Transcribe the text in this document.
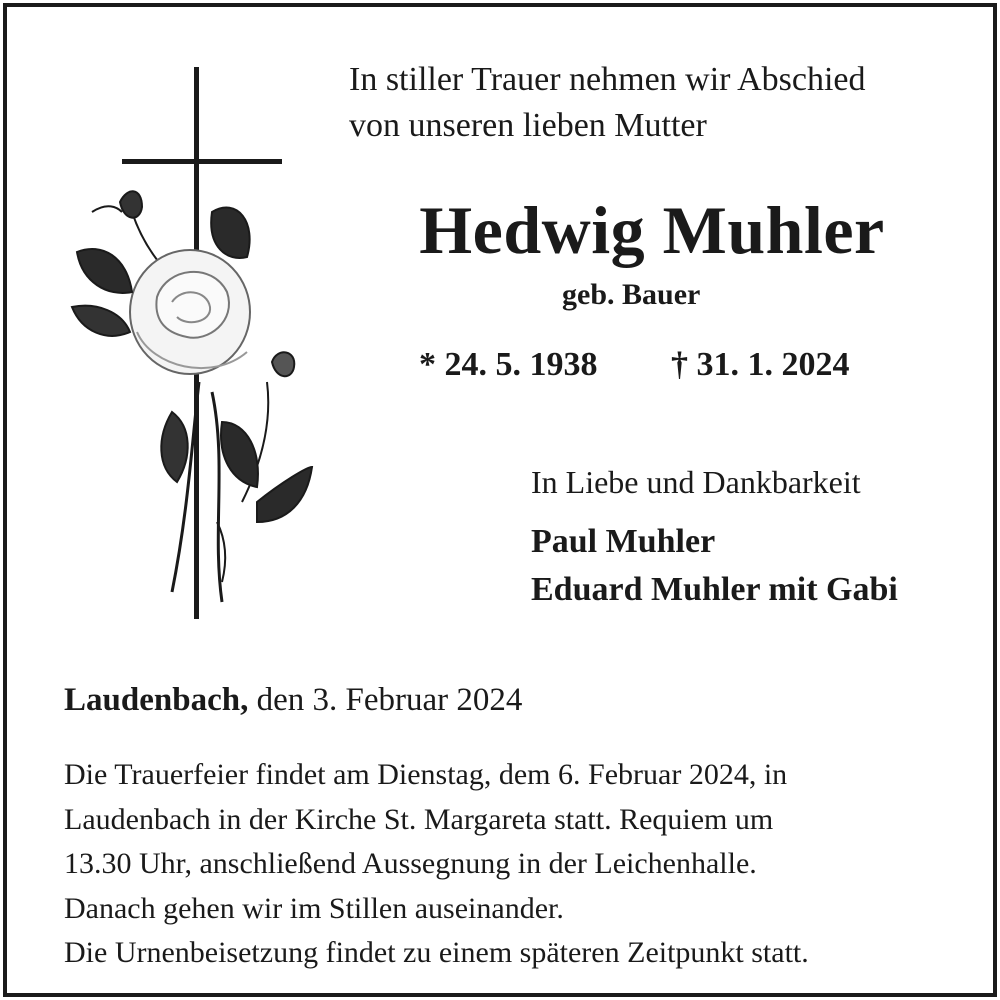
In stiller Trauer nehmen wir Abschied
von unseren lieben Mutter
Hedwig Muhler
geb. Bauer
* 24. 5. 1938 † 31. 1. 2024
In Liebe und Dankbarkeit
Paul Muhler
Eduard Muhler mit Gabi
Laudenbach, den 3. Februar 2024
Die Trauerfeier findet am Dienstag, dem 6. Februar 2024, in
Laudenbach in der Kirche St. Margareta statt. Requiem um
13.30 Uhr, anschließend Aussegnung in der Leichenhalle.
Danach gehen wir im Stillen auseinander.
Die Urnenbeisetzung findet zu einem späteren Zeitpunkt statt.
